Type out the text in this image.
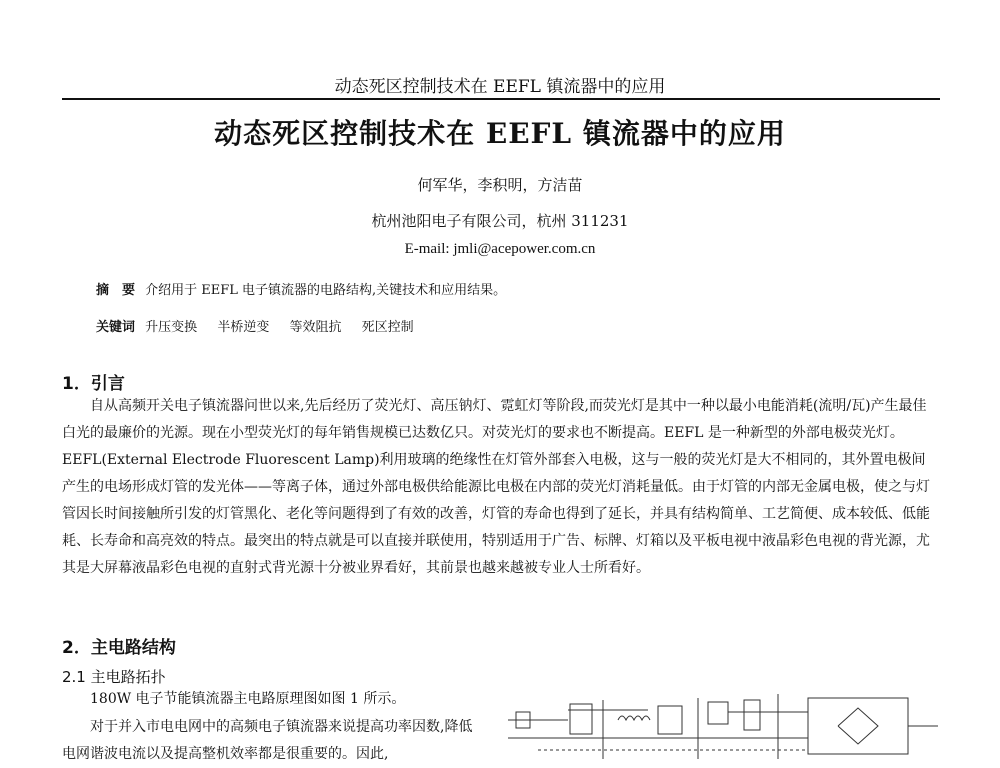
动态死区控制技术在 EEFL 镇流器中的应用
动态死区控制技术在 EEFL 镇流器中的应用
何军华，李积明，方洁苗
杭州池阳电子有限公司，杭州 311231
E-mail: jmli@acepower.com.cn
摘　要 介绍用于 EEFL 电子镇流器的电路结构,关键技术和应用结果。
关键词 升压变换 半桥逆变 等效阻抗 死区控制
1．引言
自从高频开关电子镇流器问世以来,先后经历了荧光灯、高压钠灯、霓虹灯等阶段,而荧光灯是其中一种以最小电能消耗(流明/瓦)产生最佳白光的最廉价的光源。现在小型荧光灯的每年销售规模已达数亿只。对荧光灯的要求也不断提高。EEFL 是一种新型的外部电极荧光灯。EEFL(External Electrode Fluorescent Lamp)利用玻璃的绝缘性在灯管外部套入电极，这与一般的荧光灯是大不相同的，其外置电极间产生的电场形成灯管的发光体——等离子体，通过外部电极供给能源比电极在内部的荧光灯消耗量低。由于灯管的内部无金属电极，使之与灯管因长时间接触所引发的灯管黑化、老化等问题得到了有效的改善，灯管的寿命也得到了延长，并具有结构简单、工艺简便、成本较低、低能耗、长寿命和高亮效的特点。最突出的特点就是可以直接并联使用，特别适用于广告、标牌、灯箱以及平板电视中液晶彩色电视的背光源，尤其是大屏幕液晶彩色电视的直射式背光源十分被业界看好，其前景也越来越被专业人士所看好。
2．主电路结构
2.1 主电路拓扑
180W 电子节能镇流器主电路原理图如图 1 所示。
对于并入市电电网中的高频电子镇流器来说提高功率因数,降低电网谐波电流以及提高整机效率都是很重要的。因此,
